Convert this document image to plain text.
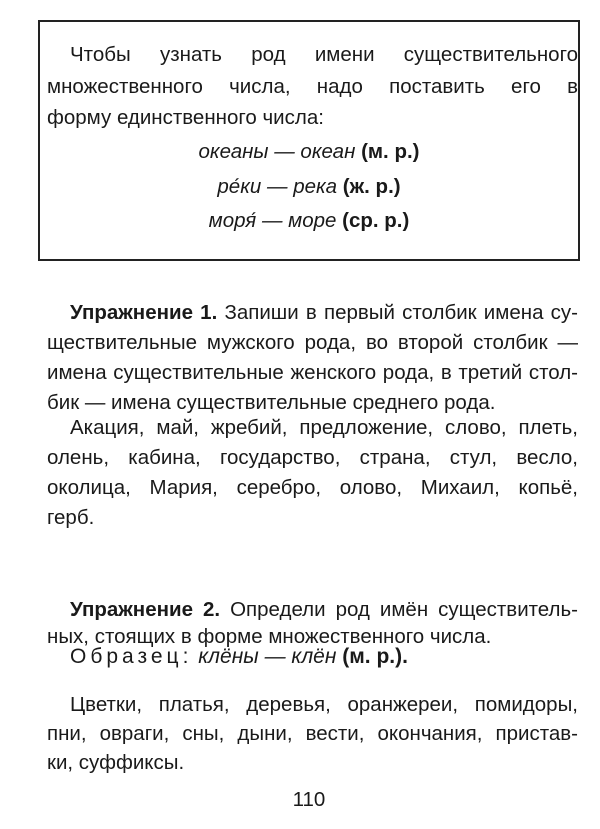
Чтобы узнать род имени существительного
множественного числа, надо поставить его в
форму единственного числа:
океаны — океан (м. р.)
ре́ки — река (ж. р.)
моря́ — море (ср. р.)
Упражнение 1. Запиши в первый столбик имена су-
ществительные мужского рода, во второй столбик —
имена существительные женского рода, в третий стол-
бик — имена существительные среднего рода.
Акация, май, жребий, предложение, слово, плеть,
олень, кабина, государство, страна, стул, весло,
околица, Мария, серебро, олово, Михаил, копьё,
герб.
Упражнение 2. Определи род имён существитель-
ных, стоящих в форме множественного числа.
Образец: клёны — клён (м. р.).
Цветки, платья, деревья, оранжереи, помидоры,
пни, овраги, сны, дыни, вести, окончания, пристав-
ки, суффиксы.
110
